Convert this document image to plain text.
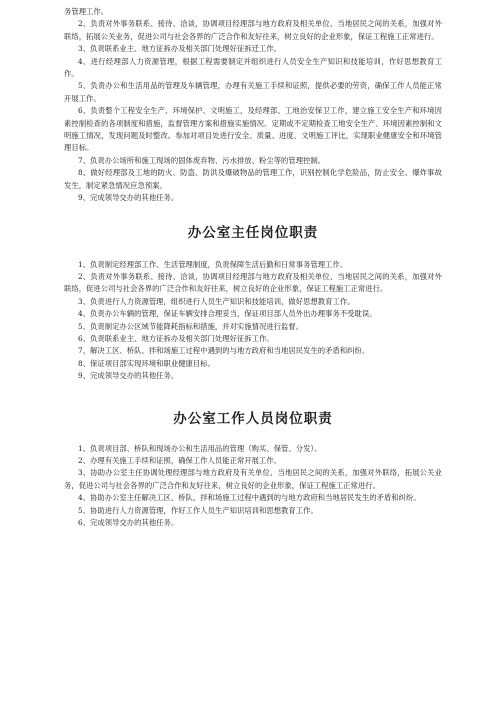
务管理工作。

2、负责对外事务联系、接待、洽谈，协调项目经理部与地方政府及相关单位、当地居民之间的关系，加强对外联络，拓展公关业务，促进公司与社会各界的广泛合作和友好往来，树立良好的企业形象，保证工程施工正常进行。

3、负责联系业主、地方征拆办及相关部门处理好征拆迁工作。

4、进行经理部人力资源管理，根据工程需要制定并组织进行人员安全生产知识和技能培训，作好思想教育工作。

5、负责办公和生活用品的管理及车辆管理，办理有关施工手续和证照，提供必要的劳资，确保工作人员能正常开展工作。

6、负责整个工程安全生产、环境保护、文明施工，及经理部、工地治安保卫工作，建立施工安全生产和环境因素控制检查的各项制度和措施，监督管理方案和措施实施情况。定期或不定期检查工地安全生产、环境因素控制和文明施工情况，发现问题及时整改。参加对项目处进行安全、质量、进度、文明施工评比，实现职业健康安全和环境管理目标。

7、负责办公场所和施工现场的固体废弃物、污水排放、粉尘等的管理控制。

8、做好经理部及工地的防火、防盗、防洪及爆破物品的管理工作，识别控制化学危险品，防止安全、爆炸事故发生，制定紧急情况应急预案。

9、完成领导交办的其他任务。

办公室主任岗位职责

1、负责制定经理部工作、生活管理制度，负责保障生活后勤和日常事务管理工作。

2、负责对外事务联系、接待、洽谈，协调项目经理部与地方政府及相关单位、当地居民之间的关系，加强对外联络，促进公司与社会各界的广泛合作和友好往来，树立良好的企业形象，保证工程施工正常进行。

3、负责进行人力资源管理，组织进行人员生产知识和技能培训，做好思想教育工作。

4、负责办公车辆的管理，保证车辆安排合理妥当，保证项目部人员外出办理事务不受耽误。

5、负责制定办公区域节能降耗指标和措施，并对实施情况进行监督。

6、负责联系业主、地方征拆办及相关部门处理好征拆工作。

7、解决工区、桥队、拌和场施工过程中遇到的与地方政府和当地居民发生的矛盾和纠纷。

8、保证项目部实现环境和职业健康目标。

9、完成领导交办的其他任务。

办公室工作人员岗位职责

1、负责项目部、桥队和现场办公和生活用品的管理（购买、保管、分发）。

2、办理有关施工手续和证照，确保工作人员能正常开展工作。

3、协助办公室主任协调处理经理部与地方政府及有关单位、当地居民之间的关系，加强对外联络，拓展公关业务，促进公司与社会各界的广泛合作和友好往来，树立良好的企业形象，保证工程施工正常进行。

4、协助办公室主任解决工区、桥队、拌和场施工过程中遇到的与地方政府和当地居民发生的矛盾和纠纷。

5、协助进行人力资源管理，作好工作人员生产知识培训和思想教育工作。

6、完成领导交办的其他任务。
